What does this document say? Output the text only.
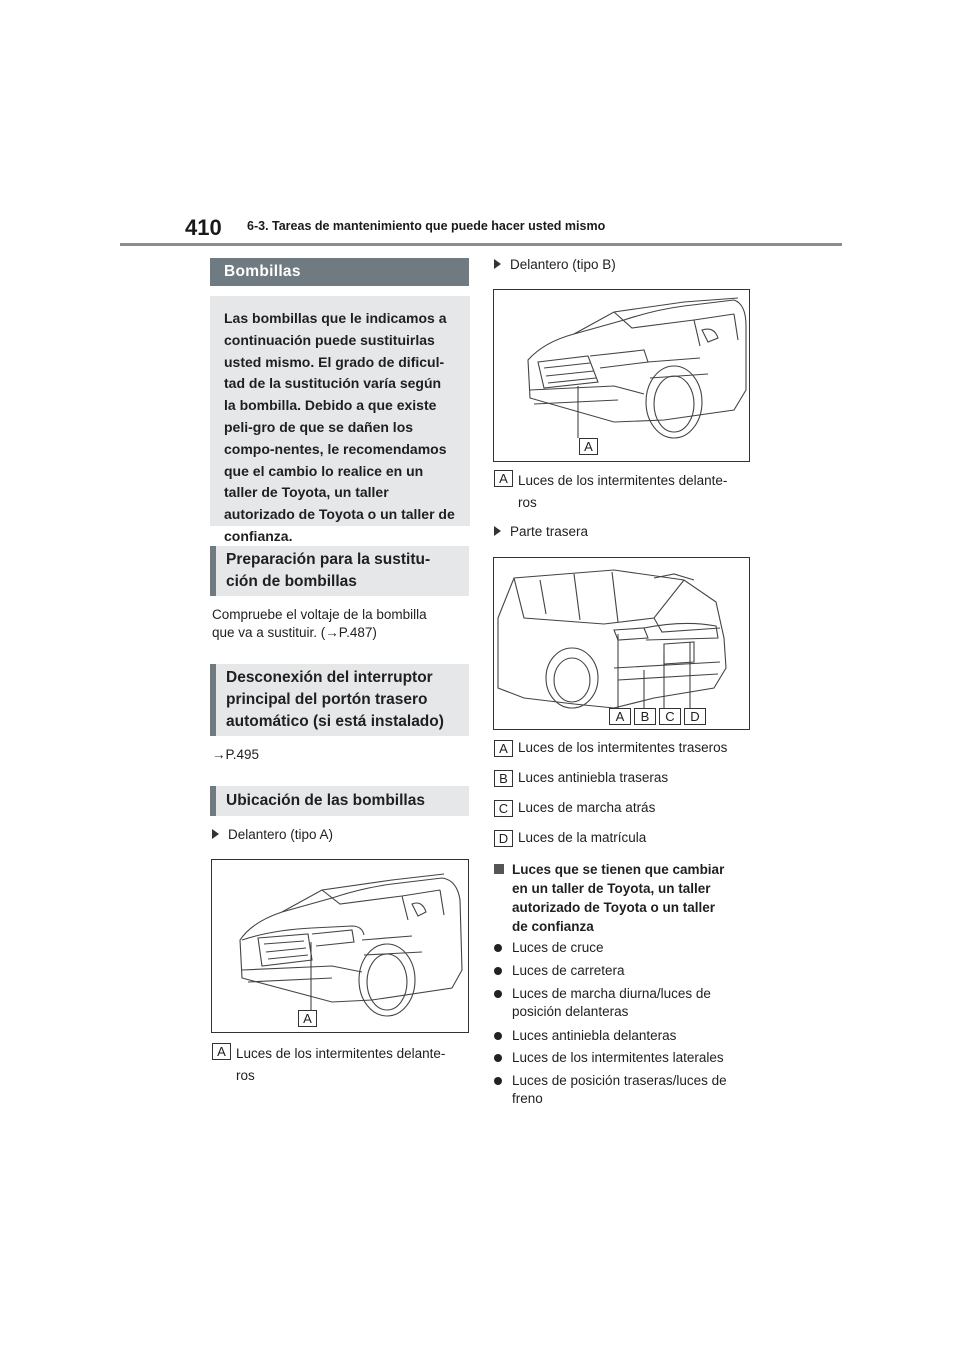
410 6-3. Tareas de mantenimiento que puede hacer usted mismo
Bombillas
Las bombillas que le indicamos a continuación puede sustituirlas usted mismo. El grado de dificul-tad de la sustitución varía según la bombilla. Debido a que existe peli-gro de que se dañen los compo-nentes, le recomendamos que el cambio lo realice en un taller de Toyota, un taller autorizado de Toyota o un taller de confianza.
Preparación para la sustitu-
ción de bombillas
Compruebe el voltaje de la bombilla
que va a sustituir. (→P.487)
Desconexión del interruptor
principal del portón trasero
automático (si está instalado)
→P.495
Ubicación de las bombillas
Delantero (tipo A)
A
A Luces de los intermitentes delante-
ros
Delantero (tipo B)
A
A Luces de los intermitentes delante-
ros
Parte trasera
A	B	C	D
A Luces de los intermitentes traseros
B Luces antiniebla traseras
C Luces de marcha atrás
D Luces de la matrícula
Luces que se tienen que cambiar
en un taller de Toyota, un taller
autorizado de Toyota o un taller
de confianza
Luces de cruce
Luces de carretera
Luces de marcha diurna/luces de
posición delanteras
Luces antiniebla delanteras
Luces de los intermitentes laterales
Luces de posición traseras/luces de
freno
